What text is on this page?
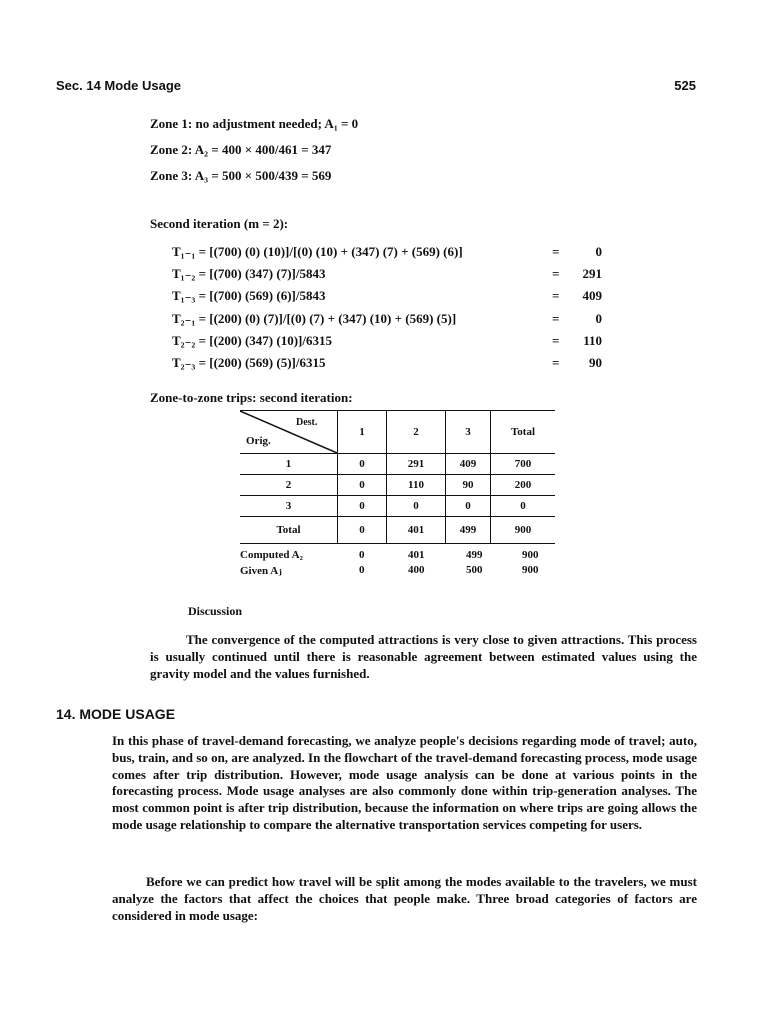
Sec. 14 Mode Usage	525
Zone 1: no adjustment needed; A₁ = 0
Zone 2: A₂ = 400 × 400/461 = 347
Zone 3: A₃ = 500 × 500/439 = 569
Second iteration (m = 2):
T₁₋₁ = [(700) (0) (10)]/[(0) (10) + (347) (7) + (569) (6)]	=	0
T₁₋₂ = [(700) (347) (7)]/5843	=	291
T₁₋₃ = [(700) (569) (6)]/5843	=	409
T₂₋₁ = [(200) (0) (7)]/[(0) (7) + (347) (10) + (569) (5)]	=	0
T₂₋₂ = [(200) (347) (10)]/6315	=	110
T₂₋₃ = [(200) (569) (5)]/6315	=	90
Zone-to-zone trips: second iteration:
Dest.
Orig.	1	2	3	Total
1	0	291	409	700
2	0	110	90	200
3	0	0	0	0
Total	0	401	499	900
Computed A₂	0	401	499	900
Given Aⱼ	0	400	500	900
Discussion
The convergence of the computed attractions is very close to given attractions. This process is usually continued until there is reasonable agreement between estimated values using the gravity model and the values furnished.
14. MODE USAGE
In this phase of travel-demand forecasting, we analyze people's decisions regarding mode of travel; auto, bus, train, and so on, are analyzed. In the flowchart of the travel-demand forecasting process, mode usage comes after trip distribution. However, mode usage analysis can be done at various points in the forecasting process. Mode usage analyses are also commonly done within trip-generation analyses. The most common point is after trip distribution, because the information on where trips are going allows the mode usage relationship to compare the alternative transportation services competing for users.
Before we can predict how travel will be split among the modes available to the travelers, we must analyze the factors that affect the choices that people make. Three broad categories of factors are considered in mode usage:
